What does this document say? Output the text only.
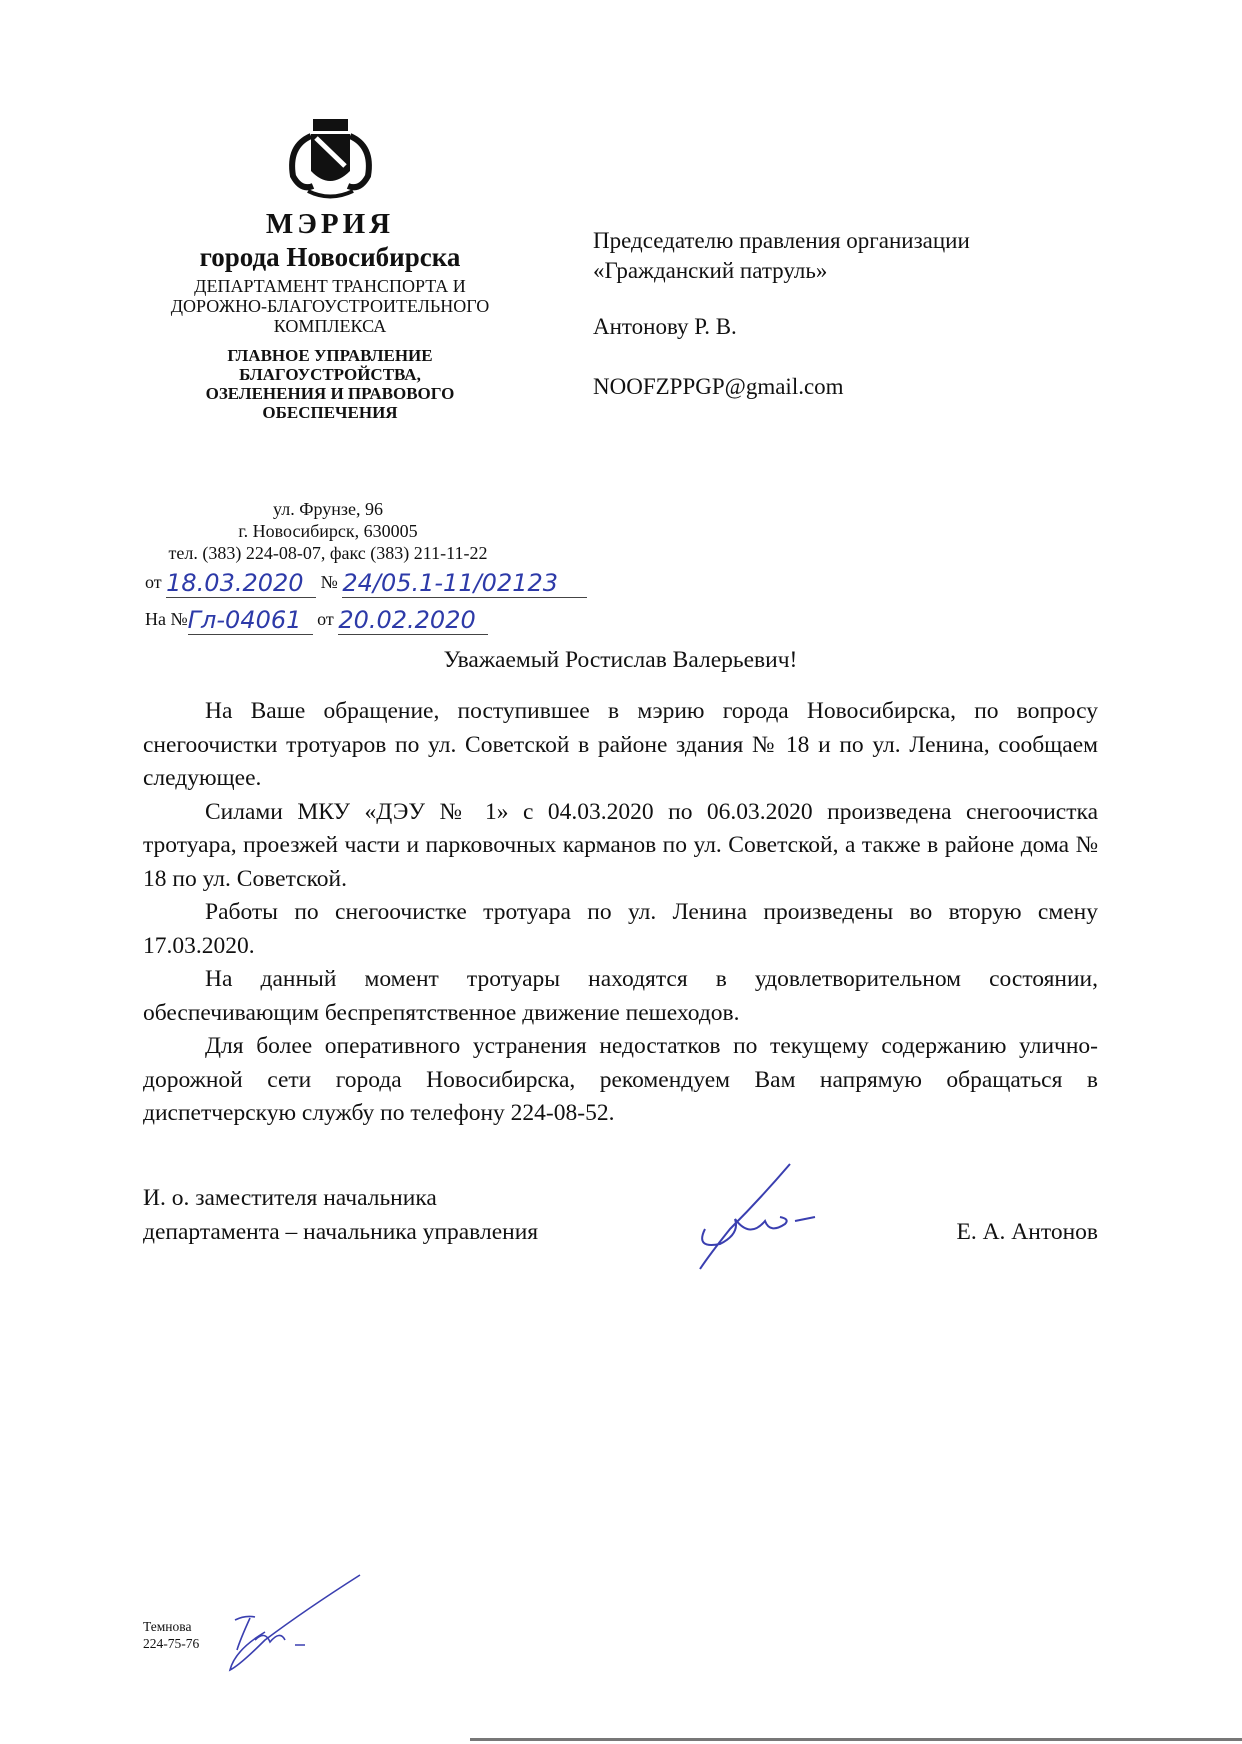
МЭРИЯ
города Новосибирска
ДЕПАРТАМЕНТ ТРАНСПОРТА И
ДОРОЖНО-БЛАГОУСТРОИТЕЛЬНОГО
КОМПЛЕКСА
ГЛАВНОЕ УПРАВЛЕНИЕ
БЛАГОУСТРОЙСТВА,
ОЗЕЛЕНЕНИЯ И ПРАВОВОГО
ОБЕСПЕЧЕНИЯ
ул. Фрунзе, 96
г. Новосибирск, 630005
тел. (383) 224-08-07, факс (383) 211-11-22
от 18.03.2020 № 24/05.1-11/02123
На №Гл-04061 от 20.02.2020
Председателю правления организации
«Гражданский патруль»
Антонову Р. В.
NOOFZPPGP@gmail.com
Уважаемый Ростислав Валерьевич!

На Ваше обращение, поступившее в мэрию города Новосибирска, по вопросу снегоочистки тротуаров по ул. Советской в районе здания № 18 и по ул. Ленина, сообщаем следующее.

Силами МКУ «ДЭУ № 1» с 04.03.2020 по 06.03.2020 произведена снегоочистка тротуара, проезжей части и парковочных карманов по ул. Советской, а также в районе дома № 18 по ул. Советской.

Работы по снегоочистке тротуара по ул. Ленина произведены во вторую смену 17.03.2020.

На данный момент тротуары находятся в удовлетворительном состоянии, обеспечивающим беспрепятственное движение пешеходов.

Для более оперативного устранения недостатков по текущему содержанию улично-дорожной сети города Новосибирска, рекомендуем Вам напрямую обращаться в диспетчерскую службу по телефону 224-08-52.

И. о. заместителя начальника
департамента – начальника управления	Е. А. Антонов
Темнова
224-75-76
